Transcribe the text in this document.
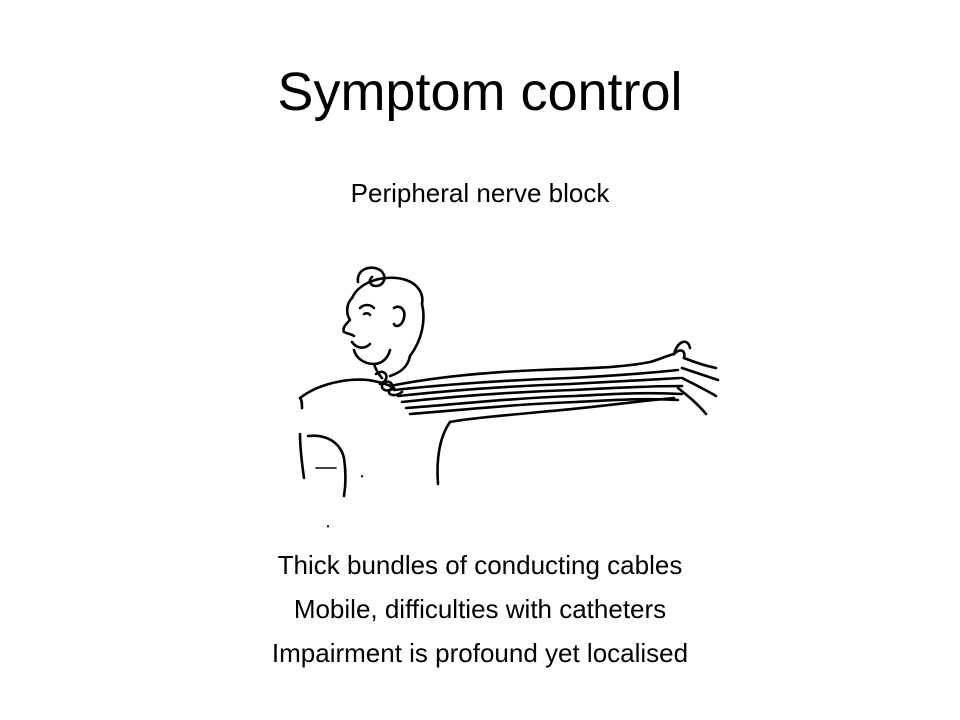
Symptom control
Peripheral nerve block
Thick bundles of conducting cables
Mobile, difficulties with catheters
Impairment is profound yet localised
